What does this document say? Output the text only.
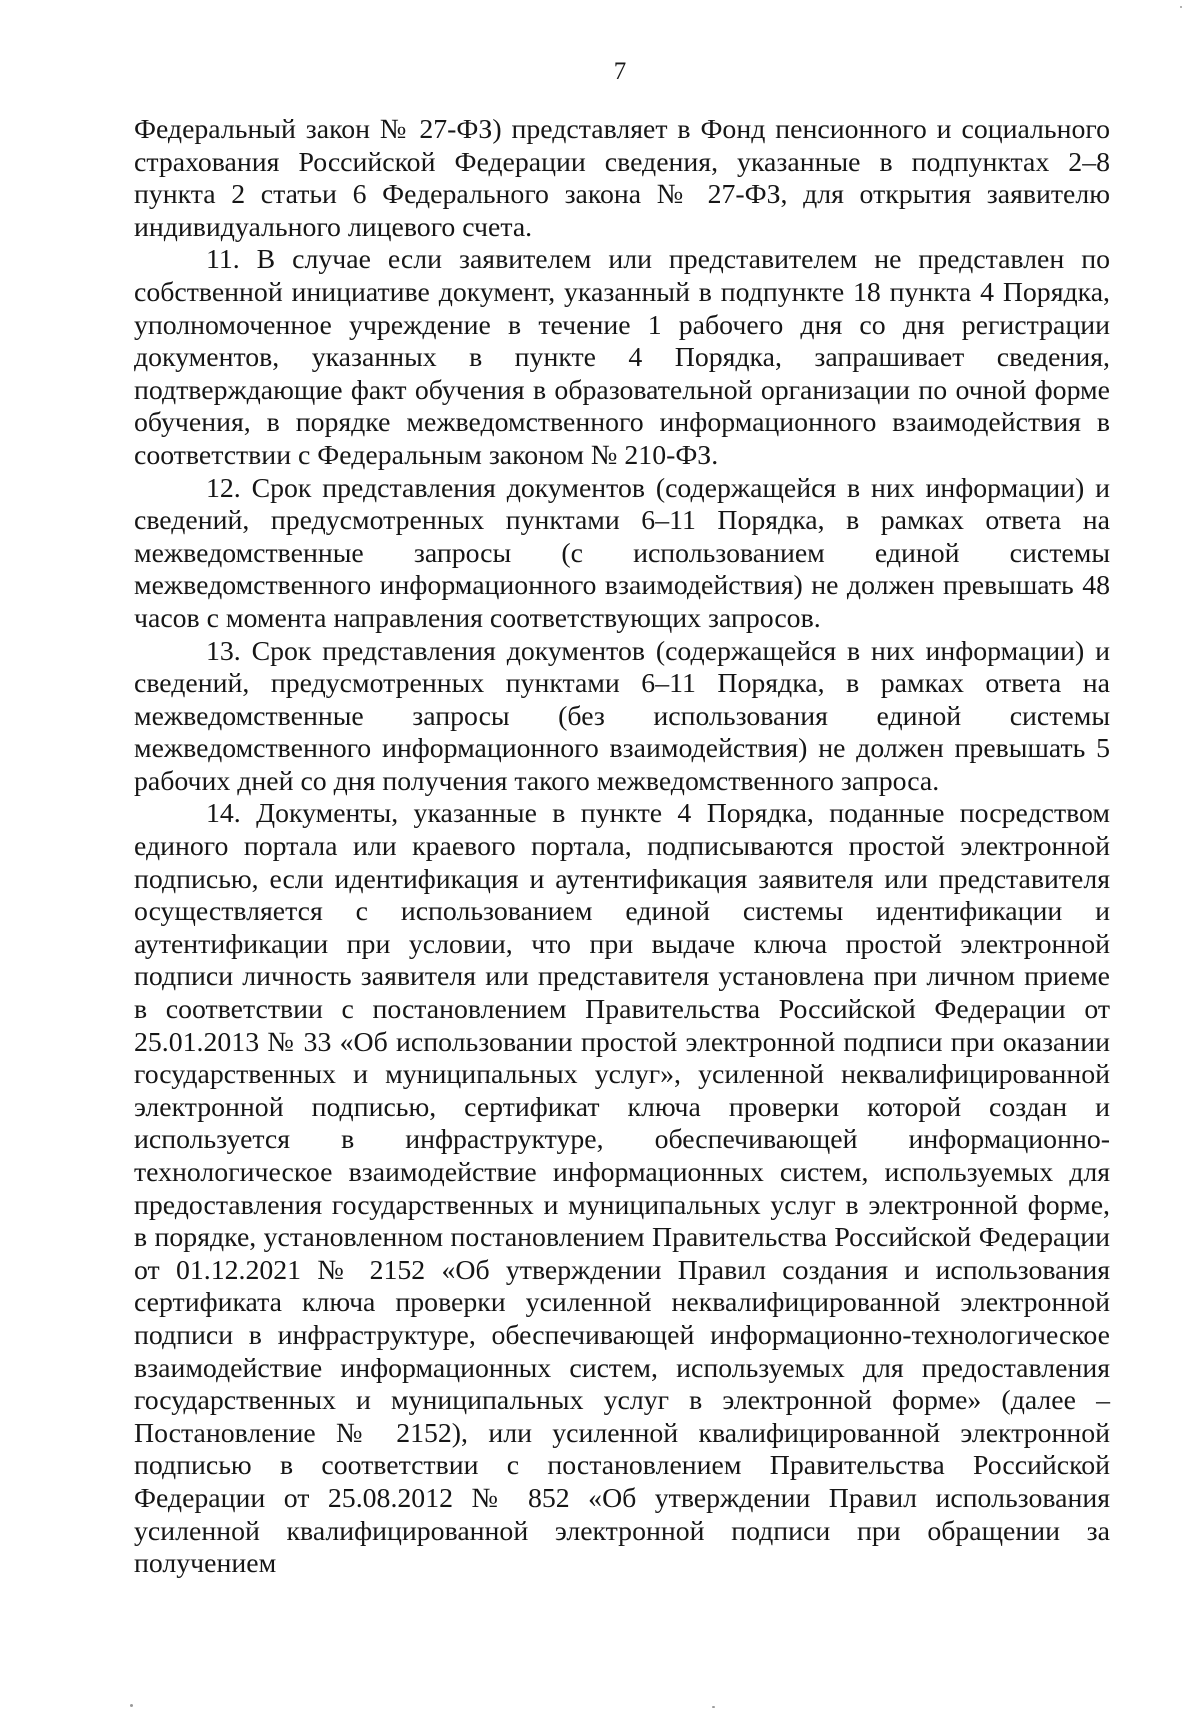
7

Федеральный закон № 27-ФЗ) представляет в Фонд пенсионного и социального страхования Российской Федерации сведения, указанные в подпунктах 2–8 пункта 2 статьи 6 Федерального закона № 27-ФЗ, для открытия заявителю индивидуального лицевого счета.

11. В случае если заявителем или представителем не представлен по собственной инициативе документ, указанный в подпункте 18 пункта 4 Порядка, уполномоченное учреждение в течение 1 рабочего дня со дня регистрации документов, указанных в пункте 4 Порядка, запрашивает сведения, подтверждающие факт обучения в образовательной организации по очной форме обучения, в порядке межведомственного информационного взаимодействия в соответствии с Федеральным законом № 210-ФЗ.

12. Срок представления документов (содержащейся в них информации) и сведений, предусмотренных пунктами 6–11 Порядка, в рамках ответа на межведомственные запросы (с использованием единой системы межведомственного информационного взаимодействия) не должен превышать 48 часов с момента направления соответствующих запросов.

13. Срок представления документов (содержащейся в них информации) и сведений, предусмотренных пунктами 6–11 Порядка, в рамках ответа на межведомственные запросы (без использования единой системы межведомственного информационного взаимодействия) не должен превышать 5 рабочих дней со дня получения такого межведомственного запроса.

14. Документы, указанные в пункте 4 Порядка, поданные посредством единого портала или краевого портала, подписываются простой электронной подписью, если идентификация и аутентификация заявителя или представителя осуществляется с использованием единой системы идентификации и аутентификации при условии, что при выдаче ключа простой электронной подписи личность заявителя или представителя установлена при личном приеме в соответствии с постановлением Правительства Российской Федерации от 25.01.2013 № 33 «Об использовании простой электронной подписи при оказании государственных и муниципальных услуг», усиленной неквалифицированной электронной подписью, сертификат ключа проверки которой создан и используется в инфраструктуре, обеспечивающей информационно-технологическое взаимодействие информационных систем, используемых для предоставления государственных и муниципальных услуг в электронной форме, в порядке, установленном постановлением Правительства Российской Федерации от 01.12.2021 № 2152 «Об утверждении Правил создания и использования сертификата ключа проверки усиленной неквалифицированной электронной подписи в инфраструктуре, обеспечивающей информационно-технологическое взаимодействие информационных систем, используемых для предоставления государственных и муниципальных услуг в электронной форме» (далее – Постановление № 2152), или усиленной квалифицированной электронной подписью в соответствии с постановлением Правительства Российской Федерации от 25.08.2012 № 852 «Об утверждении Правил использования усиленной квалифицированной электронной подписи при обращении за получением
